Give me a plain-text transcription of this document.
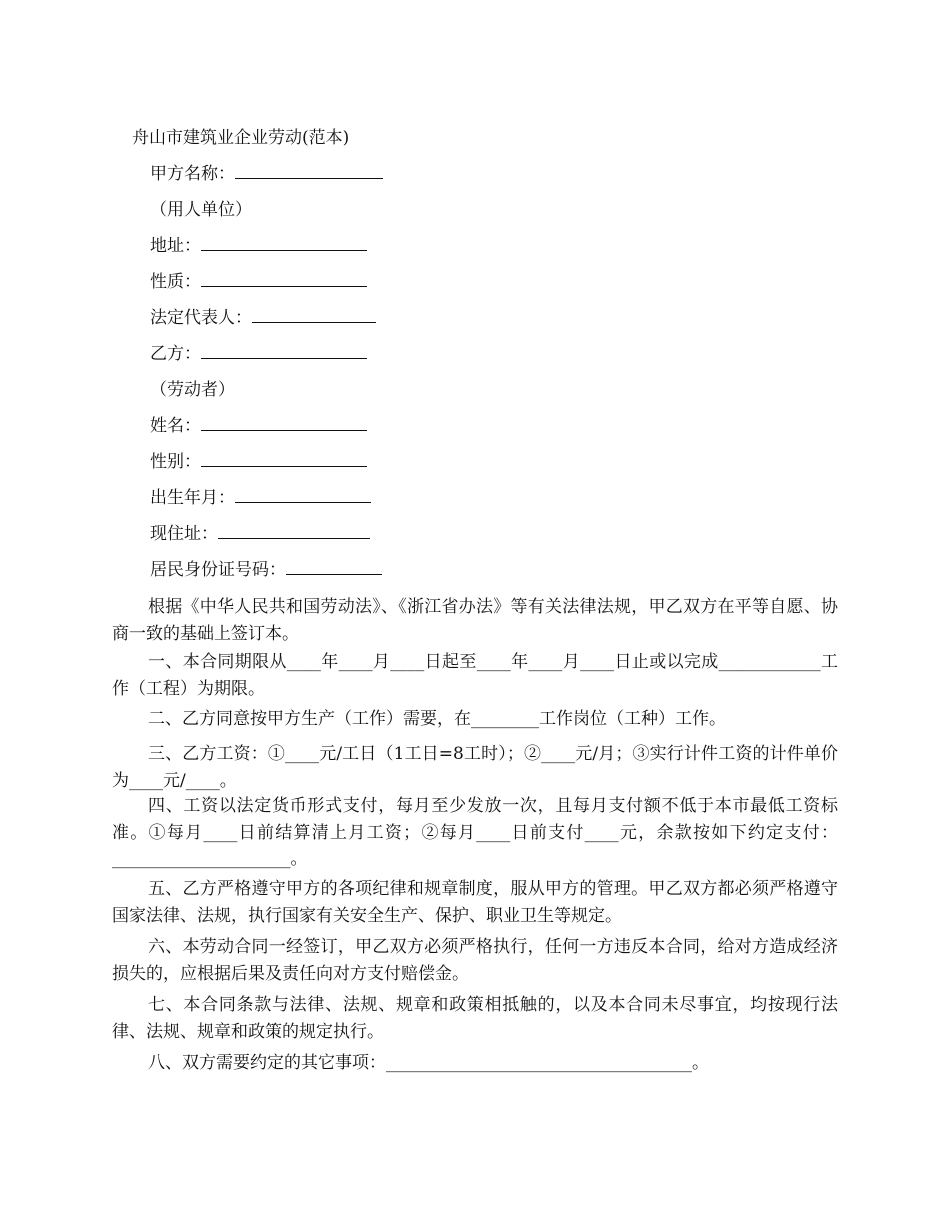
舟山市建筑业企业劳动(范本)
甲方名称：
（用人单位）
地址：
性质：
法定代表人：
乙方：
（劳动者）
姓名：
性别：
出生年月：
现住址：
居民身份证号码：
根据《中华人民共和国劳动法》、《浙江省办法》等有关法律法规，甲乙双方在平等自愿、协商一致的基础上签订本。
一、本合同期限从____年____月____日起至____年____月____日止或以完成____________工作（工程）为期限。
二、乙方同意按甲方生产（工作）需要，在________工作岗位（工种）工作。
三、乙方工资：①____元/工日（1工日=8工时）；②____元/月；③实行计件工资的计件单价为____元/____。
四、工资以法定货币形式支付，每月至少发放一次，且每月支付额不低于本市最低工资标准。①每月____日前结算清上月工资；②每月____日前支付____元，余款按如下约定支付：_____________________。
五、乙方严格遵守甲方的各项纪律和规章制度，服从甲方的管理。甲乙双方都必须严格遵守国家法律、法规，执行国家有关安全生产、保护、职业卫生等规定。
六、本劳动合同一经签订，甲乙双方必须严格执行，任何一方违反本合同，给对方造成经济损失的，应根据后果及责任向对方支付赔偿金。
七、本合同条款与法律、法规、规章和政策相抵触的，以及本合同未尽事宜，均按现行法律、法规、规章和政策的规定执行。
八、双方需要约定的其它事项：____________________________________。
